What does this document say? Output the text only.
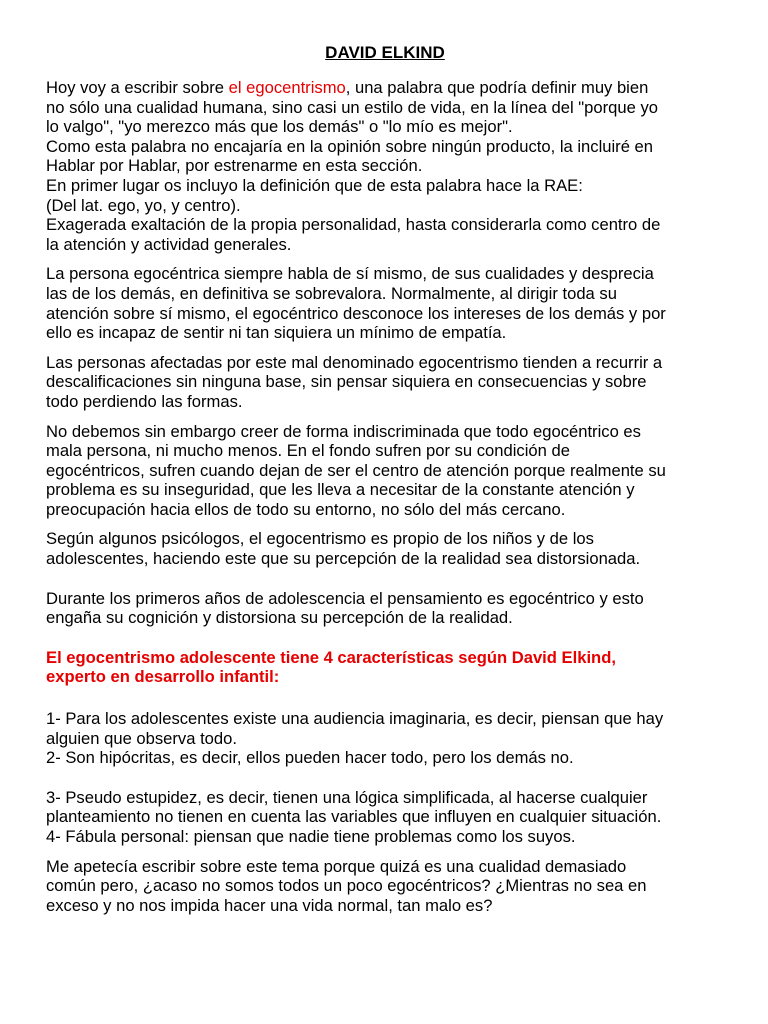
DAVID ELKIND

Hoy voy a escribir sobre el egocentrismo, una palabra que podría definir muy bien
no sólo una cualidad humana, sino casi un estilo de vida, en la línea del "porque yo
lo valgo", "yo merezco más que los demás" o "lo mío es mejor".
Como esta palabra no encajaría en la opinión sobre ningún producto, la incluiré en
Hablar por Hablar, por estrenarme en esta sección.
En primer lugar os incluyo la definición que de esta palabra hace la RAE:
(Del lat. ego, yo, y centro).
Exagerada exaltación de la propia personalidad, hasta considerarla como centro de
la atención y actividad generales.

La persona egocéntrica siempre habla de sí mismo, de sus cualidades y desprecia
las de los demás, en definitiva se sobrevalora. Normalmente, al dirigir toda su
atención sobre sí mismo, el egocéntrico desconoce los intereses de los demás y por
ello es incapaz de sentir ni tan siquiera un mínimo de empatía.

Las personas afectadas por este mal denominado egocentrismo tienden a recurrir a
descalificaciones sin ninguna base, sin pensar siquiera en consecuencias y sobre
todo perdiendo las formas.

No debemos sin embargo creer de forma indiscriminada que todo egocéntrico es
mala persona, ni mucho menos. En el fondo sufren por su condición de
egocéntricos, sufren cuando dejan de ser el centro de atención porque realmente su
problema es su inseguridad, que les lleva a necesitar de la constante atención y
preocupación hacia ellos de todo su entorno, no sólo del más cercano.

Según algunos psicólogos, el egocentrismo es propio de los niños y de los
adolescentes, haciendo este que su percepción de la realidad sea distorsionada.

Durante los primeros años de adolescencia el pensamiento es egocéntrico y esto
engaña su cognición y distorsiona su percepción de la realidad.

El egocentrismo adolescente tiene 4 características según David Elkind,
experto en desarrollo infantil:

1- Para los adolescentes existe una audiencia imaginaria, es decir, piensan que hay
alguien que observa todo.
2- Son hipócritas, es decir, ellos pueden hacer todo, pero los demás no.

3- Pseudo estupidez, es decir, tienen una lógica simplificada, al hacerse cualquier
planteamiento no tienen en cuenta las variables que influyen en cualquier situación.
4- Fábula personal: piensan que nadie tiene problemas como los suyos.

Me apetecía escribir sobre este tema porque quizá es una cualidad demasiado
común pero, ¿acaso no somos todos un poco egocéntricos? ¿Mientras no sea en
exceso y no nos impida hacer una vida normal, tan malo es?
